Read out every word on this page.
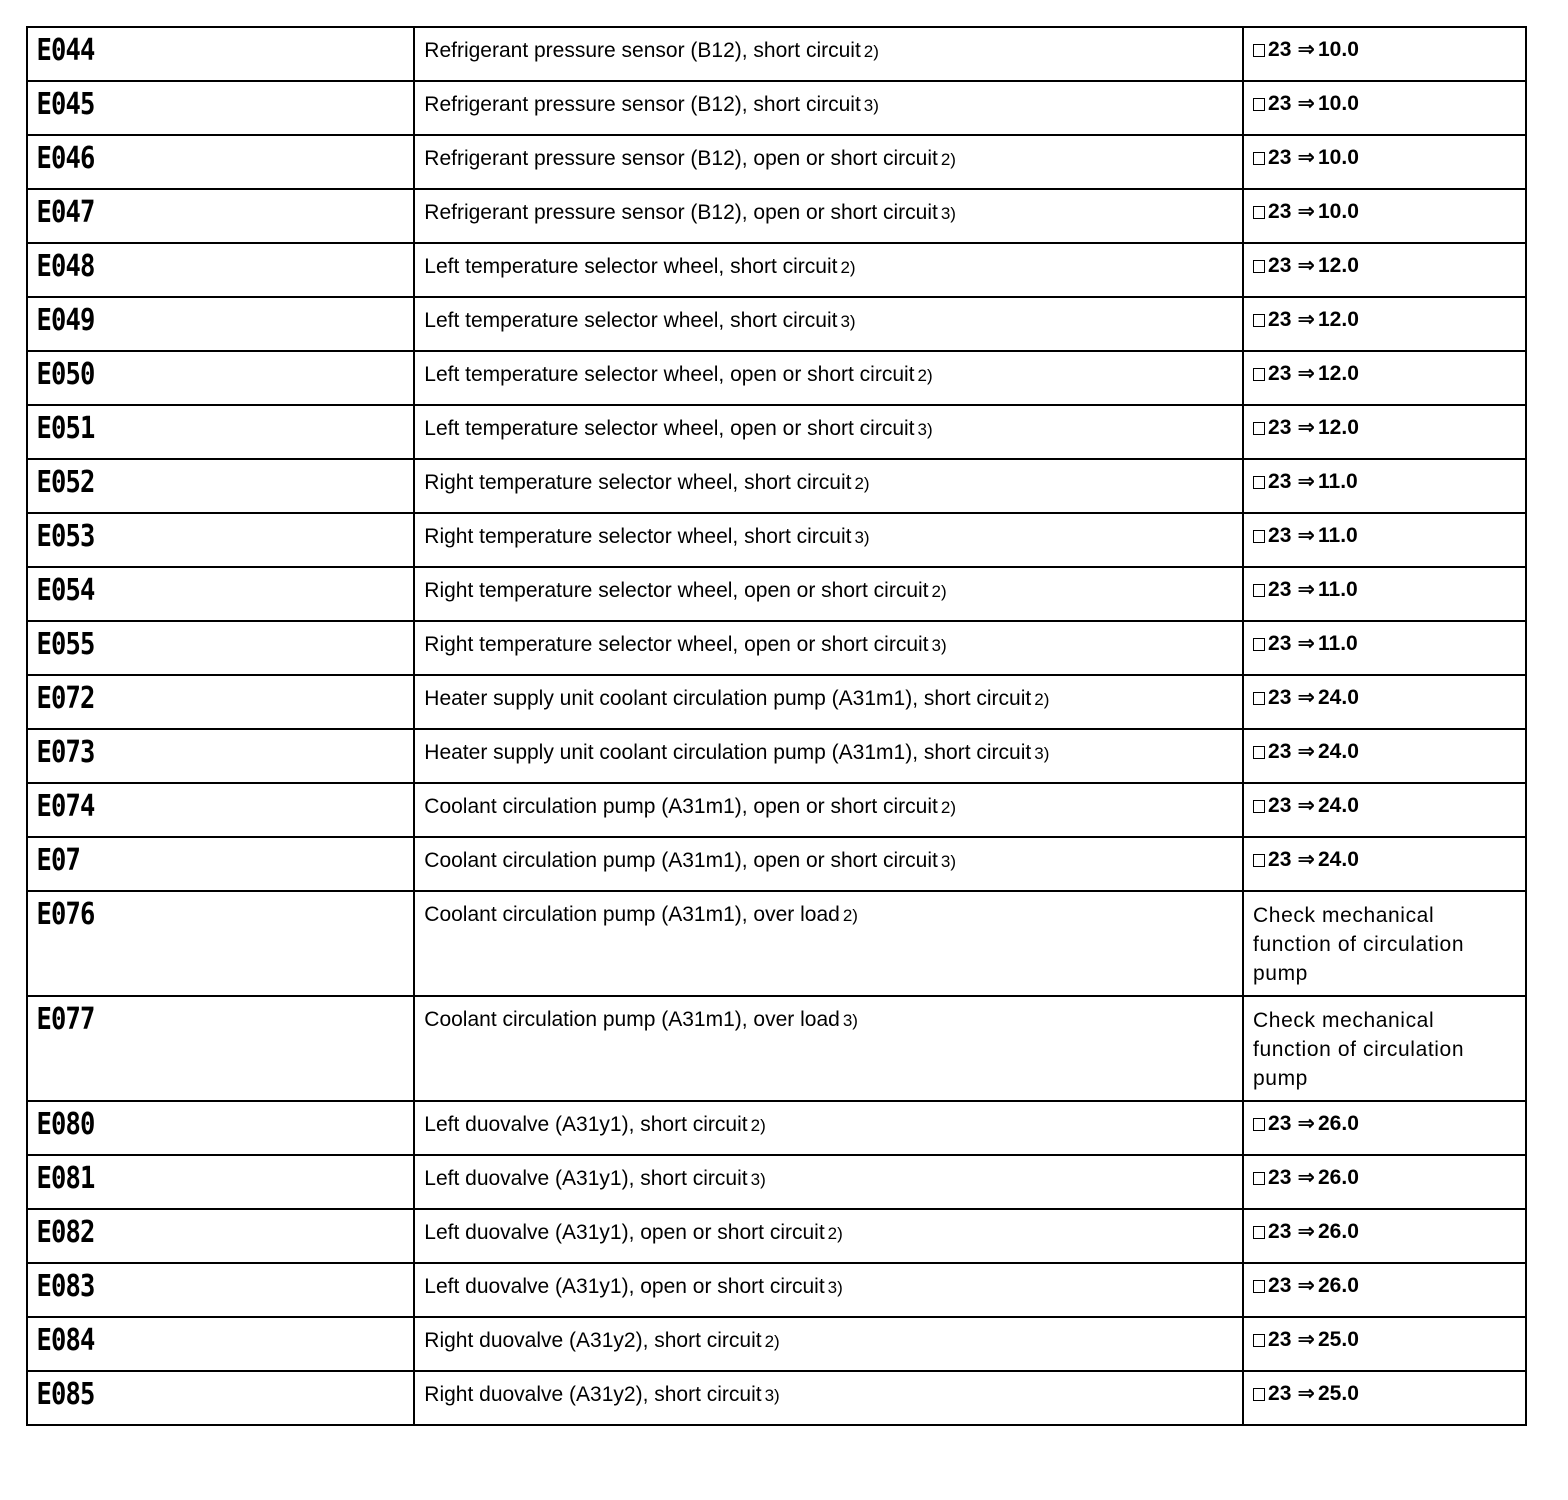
E044	Refrigerant pressure sensor (B12), short circuit 2)	23 ⇒ 10.0

E045	Refrigerant pressure sensor (B12), short circuit 3)	23 ⇒ 10.0

E046	Refrigerant pressure sensor (B12), open or short circuit 2)	23 ⇒ 10.0

E047	Refrigerant pressure sensor (B12), open or short circuit 3)	23 ⇒ 10.0

E048	Left temperature selector wheel, short circuit 2)	23 ⇒ 12.0

E049	Left temperature selector wheel, short circuit 3)	23 ⇒ 12.0

E050	Left temperature selector wheel, open or short circuit 2)	23 ⇒ 12.0

E051	Left temperature selector wheel, open or short circuit 3)	23 ⇒ 12.0

E052	Right temperature selector wheel, short circuit 2)	23 ⇒ 11.0

E053	Right temperature selector wheel, short circuit 3)	23 ⇒ 11.0

E054	Right temperature selector wheel, open or short circuit 2)	23 ⇒ 11.0

E055	Right temperature selector wheel, open or short circuit 3)	23 ⇒ 11.0

E072	Heater supply unit coolant circulation pump (A31m1), short circuit 2)	23 ⇒ 24.0

E073	Heater supply unit coolant circulation pump (A31m1), short circuit 3)	23 ⇒ 24.0

E074	Coolant circulation pump (A31m1), open or short circuit 2)	23 ⇒ 24.0

E07	Coolant circulation pump (A31m1), open or short circuit 3)	23 ⇒ 24.0

E076	Coolant circulation pump (A31m1), over load 2)	Check mechanical function of circulation pump

E077	Coolant circulation pump (A31m1), over load 3)	Check mechanical function of circulation pump

E080	Left duovalve (A31y1), short circuit 2)	23 ⇒ 26.0

E081	Left duovalve (A31y1), short circuit 3)	23 ⇒ 26.0

E082	Left duovalve (A31y1), open or short circuit 2)	23 ⇒ 26.0

E083	Left duovalve (A31y1), open or short circuit 3)	23 ⇒ 26.0

E084	Right duovalve (A31y2), short circuit 2)	23 ⇒ 25.0

E085	Right duovalve (A31y2), short circuit 3)	23 ⇒ 25.0
